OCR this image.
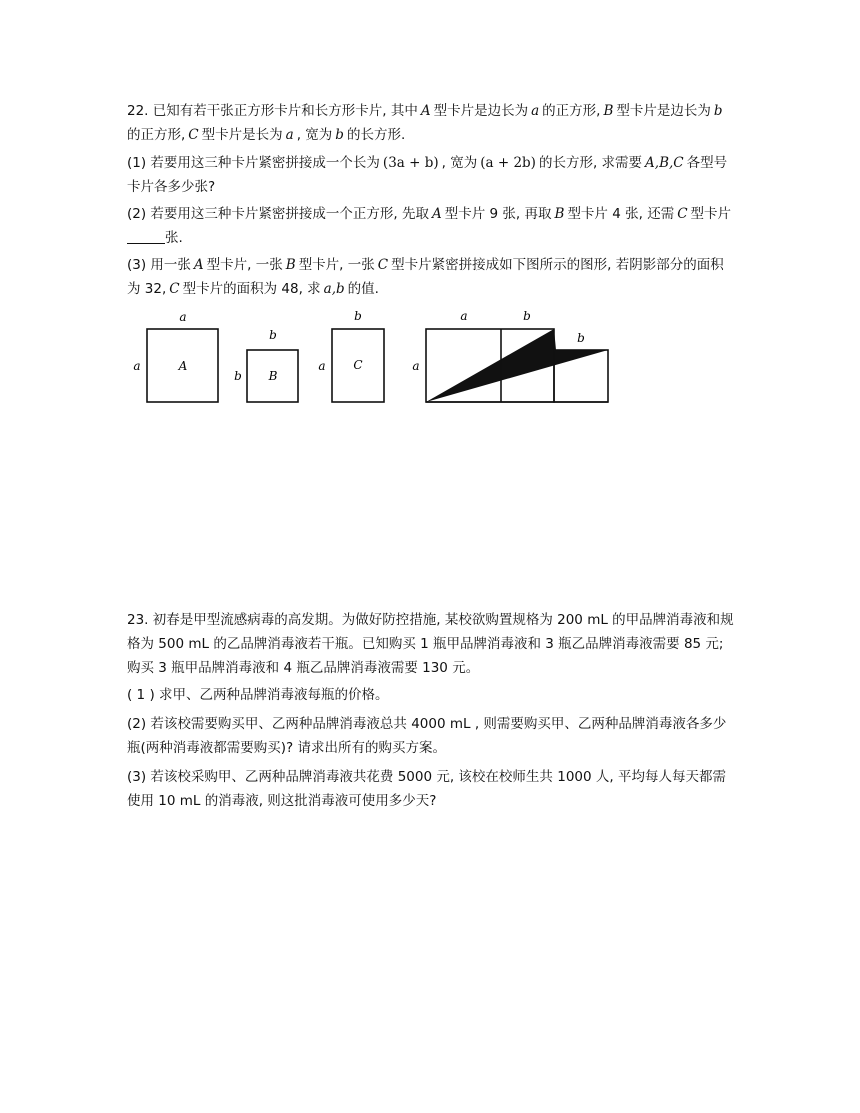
22. 已知有若干张正方形卡片和长方形卡片, 其中 A 型卡片是边长为 a 的正方形, B 型卡片是边长为 b的正方形, C 型卡片是长为 a , 宽为 b 的长方形.

(1) 若要用这三种卡片紧密拼接成一个长为 (3a + b) , 宽为 (a + 2b) 的长方形, 求需要 A,B,C 各型号卡片各多少张?

(2) 若要用这三种卡片紧密拼接成一个正方形, 先取 A 型卡片 9 张, 再取 B 型卡片 4 张, 还需 C 型卡片张.

(3) 用一张 A 型卡片, 一张 B 型卡片, 一张 C 型卡片紧密拼接成如下图所示的图形, 若阴影部分的面积为 32, C 型卡片的面积为 48, 求 a,b 的值.

a
a	A
b
b B
b
a C
a	b
b
a

23. 初春是甲型流感病毒的高发期。为做好防控措施, 某校欲购置规格为 200 mL 的甲品牌消毒液和规格为 500 mL 的乙品牌消毒液若干瓶。已知购买 1 瓶甲品牌消毒液和 3 瓶乙品牌消毒液需要 85 元; 购买 3 瓶甲品牌消毒液和 4 瓶乙品牌消毒液需要 130 元。

( 1 ) 求甲、乙两种品牌消毒液每瓶的价格。

(2) 若该校需要购买甲、乙两种品牌消毒液总共 4000 mL , 则需要购买甲、乙两种品牌消毒液各多少瓶(两种消毒液都需要购买)? 请求出所有的购买方案。

(3) 若该校采购甲、乙两种品牌消毒液共花费 5000 元, 该校在校师生共 1000 人, 平均每人每天都需使用 10 mL 的消毒液, 则这批消毒液可使用多少天?
